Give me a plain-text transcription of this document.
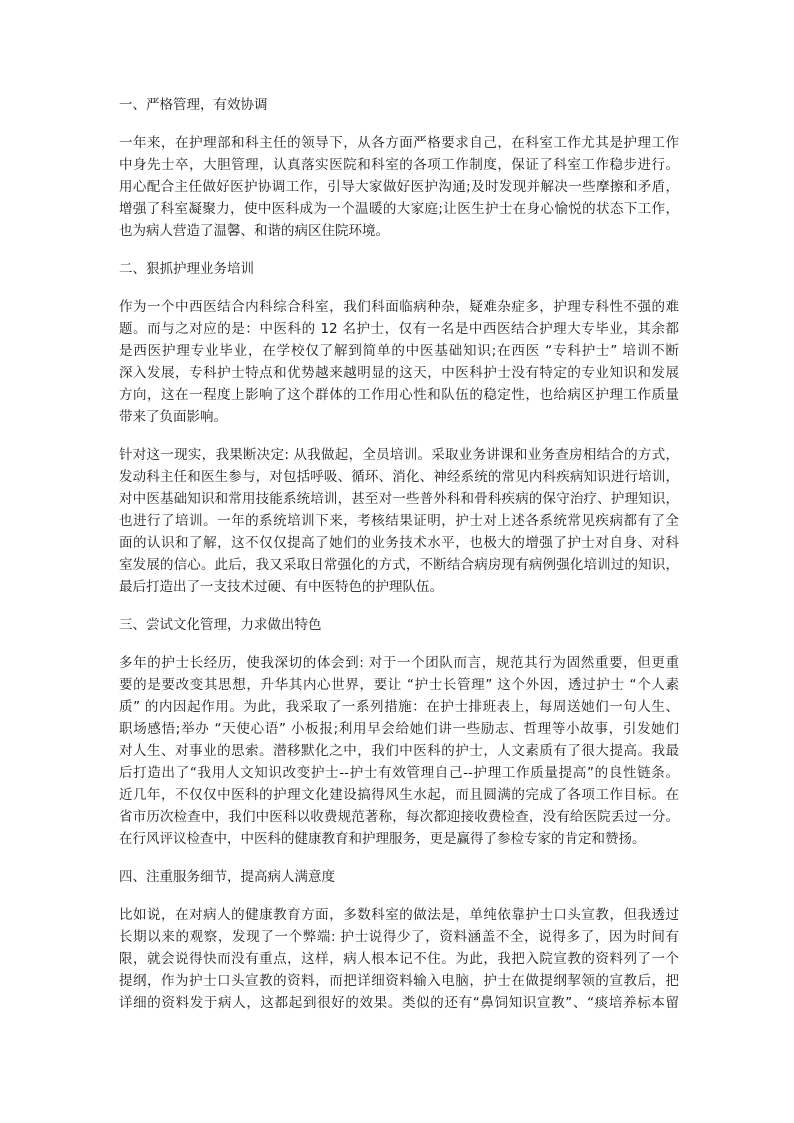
一、严格管理，有效协调
一年来，在护理部和科主任的领导下，从各方面严格要求自己，在科室工作尤其是护理工作
中身先士卒，大胆管理，认真落实医院和科室的各项工作制度，保证了科室工作稳步进行。
用心配合主任做好医护协调工作，引导大家做好医护沟通;及时发现并解决一些摩擦和矛盾，
增强了科室凝聚力，使中医科成为一个温暖的大家庭;让医生护士在身心愉悦的状态下工作，
也为病人营造了温馨、和谐的病区住院环境。
二、狠抓护理业务培训
作为一个中西医结合内科综合科室，我们科面临病种杂，疑难杂症多，护理专科性不强的难
题。而与之对应的是：中医科的 12 名护士，仅有一名是中西医结合护理大专毕业，其余都
是西医护理专业毕业，在学校仅了解到简单的中医基础知识;在西医 “专科护士” 培训不断
深入发展，专科护士特点和优势越来越明显的这天，中医科护士没有特定的专业知识和发展
方向，这在一程度上影响了这个群体的工作用心性和队伍的稳定性，也给病区护理工作质量
带来了负面影响。
针对这一现实，我果断决定: 从我做起，全员培训。采取业务讲课和业务查房相结合的方式，
发动科主任和医生参与，对包括呼吸、循环、消化、神经系统的常见内科疾病知识进行培训，
对中医基础知识和常用技能系统培训，甚至对一些普外科和骨科疾病的保守治疗、护理知识，
也进行了培训。一年的系统培训下来，考核结果证明，护士对上述各系统常见疾病都有了全
面的认识和了解，这不仅仅提高了她们的业务技术水平，也极大的增强了护士对自身、对科
室发展的信心。此后，我又采取日常强化的方式，不断结合病房现有病例强化培训过的知识，
最后打造出了一支技术过硬、有中医特色的护理队伍。
三、尝试文化管理，力求做出特色
多年的护士长经历，使我深切的体会到: 对于一个团队而言，规范其行为固然重要，但更重
要的是要改变其思想，升华其内心世界，要让 “护士长管理” 这个外因，透过护士 “个人素
质” 的内因起作用。为此，我采取了一系列措施：在护士排班表上，每周送她们一句人生、
职场感悟;举办 “天使心语” 小板报;利用早会给她们讲一些励志、哲理等小故事，引发她们
对人生、对事业的思索。潜移默化之中，我们中医科的护士，人文素质有了很大提高。我最
后打造出了“我用人文知识改变护士--护士有效管理自己--护理工作质量提高”的良性链条。
近几年，不仅仅中医科的护理文化建设搞得风生水起，而且圆满的完成了各项工作目标。在
省市历次检查中，我们中医科以收费规范著称，每次都迎接收费检查，没有给医院丢过一分。
在行风评议检查中，中医科的健康教育和护理服务，更是赢得了参检专家的肯定和赞扬。
四、注重服务细节，提高病人满意度
比如说，在对病人的健康教育方面，多数科室的做法是，单纯依靠护士口头宣教，但我透过
长期以来的观察，发现了一个弊端: 护士说得少了，资料涵盖不全，说得多了，因为时间有
限，就会说得快而没有重点，这样，病人根本记不住。为此，我把入院宣教的资料列了一个
提纲，作为护士口头宣教的资料，而把详细资料输入电脑，护士在做提纲挈领的宣教后，把
详细的资料发于病人，这都起到很好的效果。类似的还有“鼻饲知识宣教”、“痰培养标本留
